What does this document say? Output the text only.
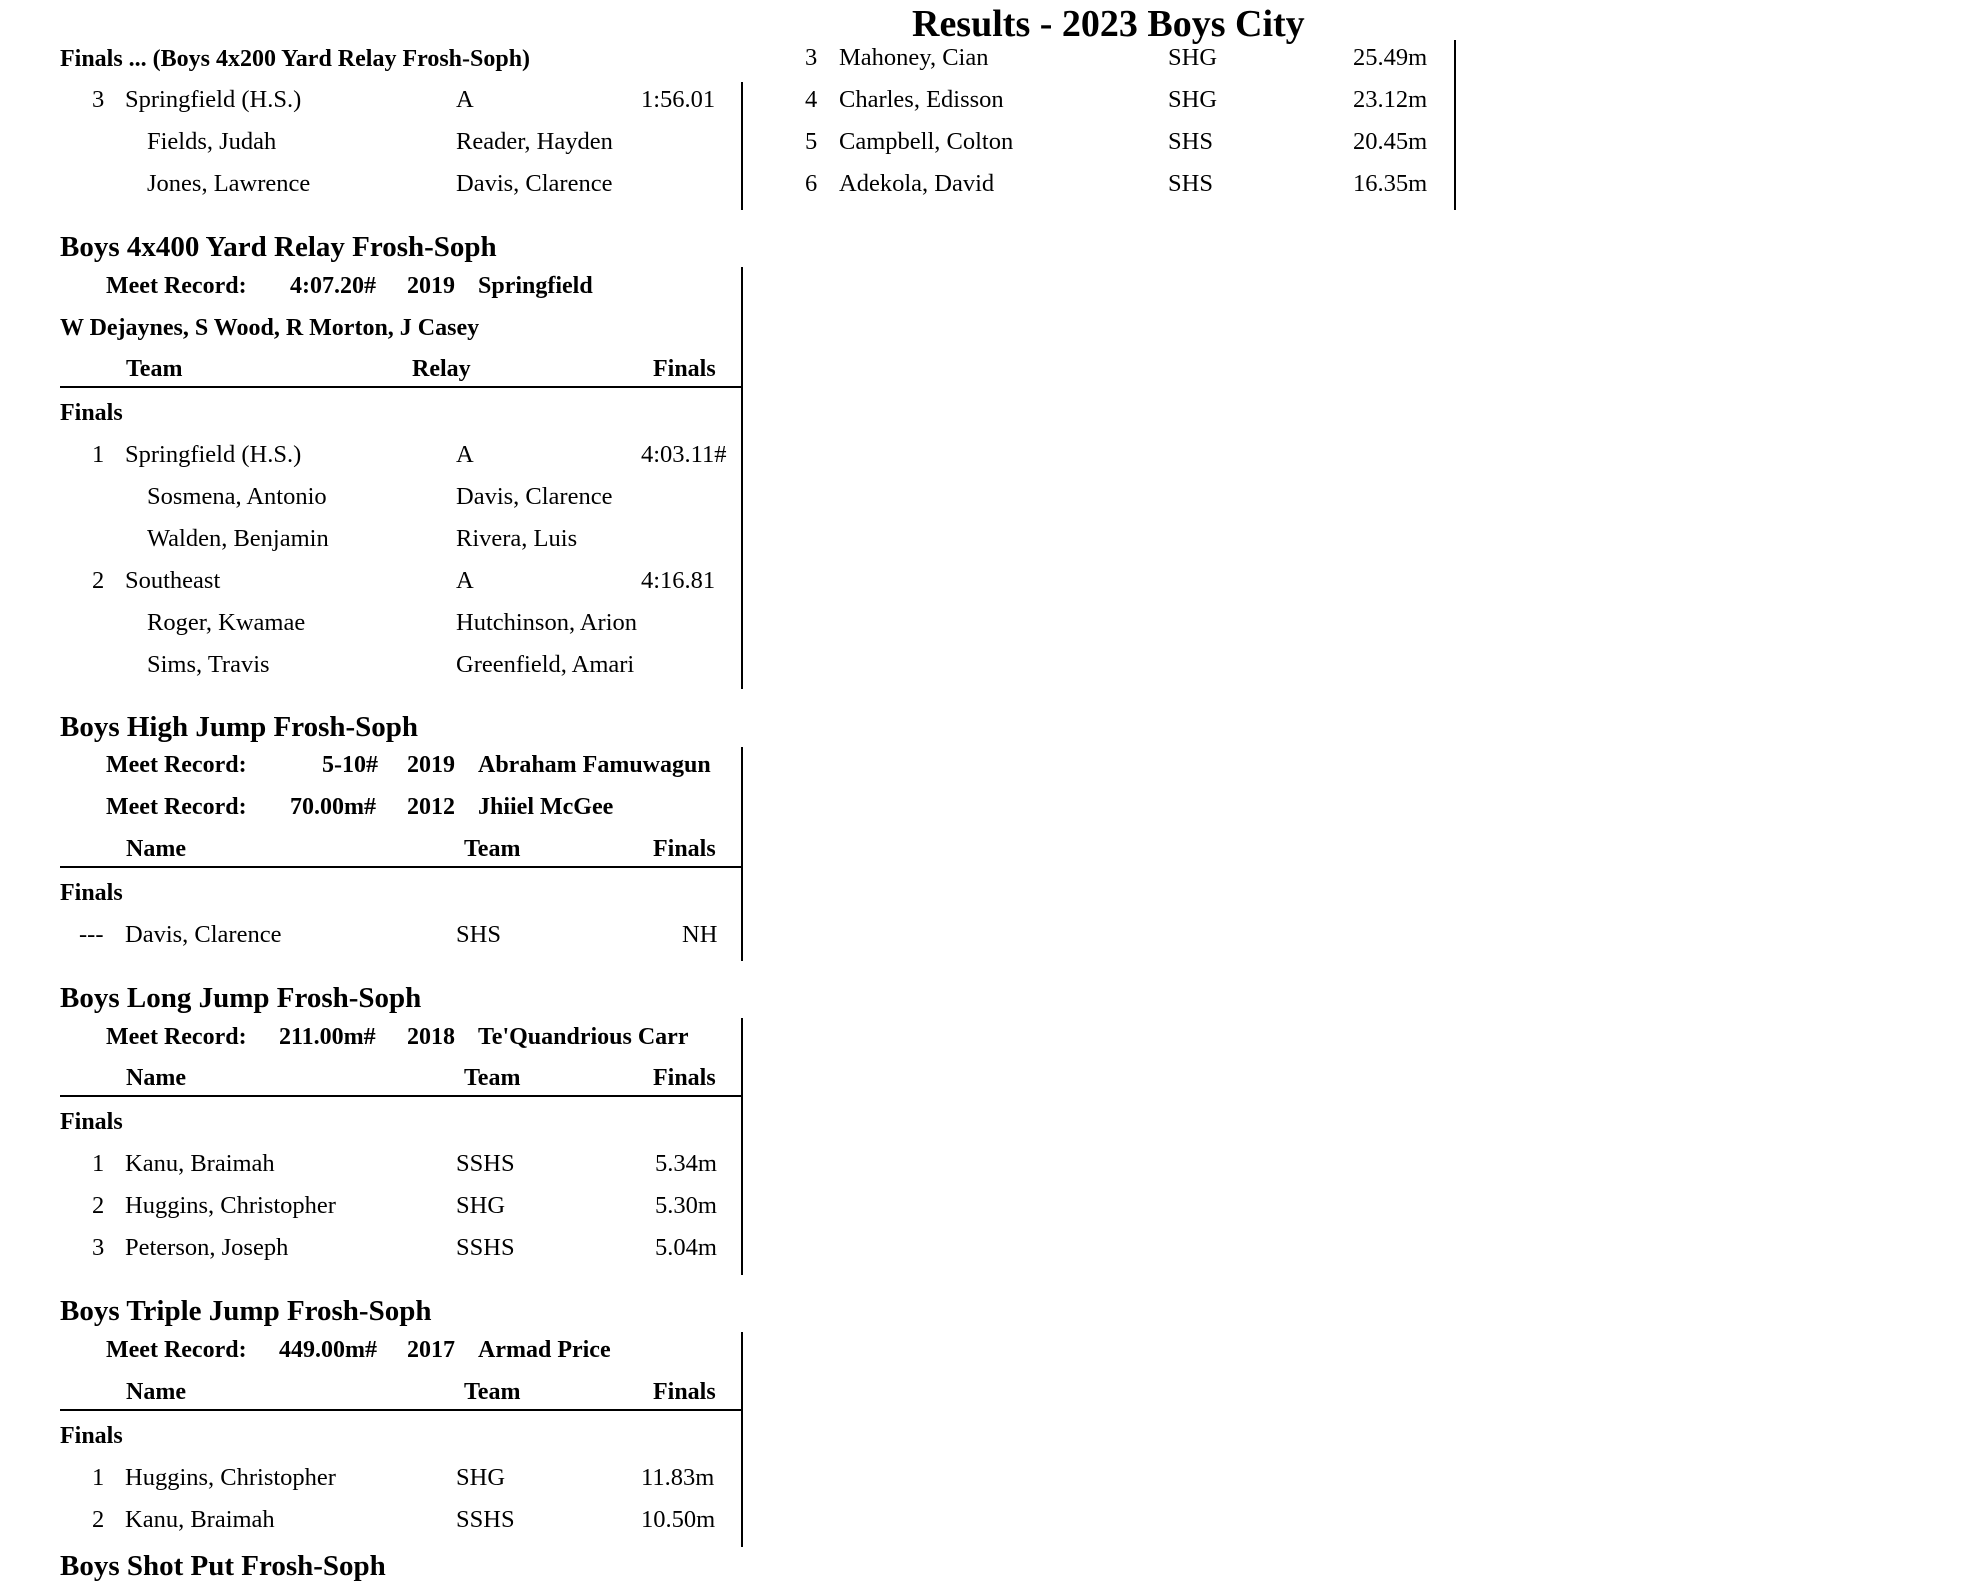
Results - 2023 Boys City
Finals ... (Boys 4x200 Yard Relay Frosh-Soph)
3 Springfield (H.S.)	A	1:56.01
Fields, Judah	Reader, Hayden
Jones, Lawrence	Davis, Clarence
3 Mahoney, Cian	SHG	25.49m
4 Charles, Edisson	SHG	23.12m
5 Campbell, Colton	SHS	20.45m
6 Adekola, David	SHS	16.35m
Boys 4x400 Yard Relay Frosh-Soph
Meet Record: 4:07.20# 2019 Springfield
W Dejaynes, S Wood, R Morton, J Casey
Team	Relay	Finals
Finals
1 Springfield (H.S.)	A	4:03.11#
Sosmena, Antonio	Davis, Clarence
Walden, Benjamin	Rivera, Luis
2 Southeast	A	4:16.81
Roger, Kwamae	Hutchinson, Arion
Sims, Travis	Greenfield, Amari
Boys High Jump Frosh-Soph
Meet Record:	5-10# 2019 Abraham Famuwagun
Meet Record: 70.00m# 2012 Jhiiel McGee
Name	Team	Finals
Finals
--- Davis, Clarence	SHS	NH
Boys Long Jump Frosh-Soph
Meet Record: 211.00m# 2018 Te'Quandrious Carr
Name	Team	Finals
Finals
1 Kanu, Braimah	SSHS	5.34m
2 Huggins, Christopher	SHG	5.30m
3 Peterson, Joseph	SSHS	5.04m
Boys Triple Jump Frosh-Soph
Meet Record: 449.00m# 2017 Armad Price
Name	Team	Finals
Finals
1 Huggins, Christopher	SHG	11.83m
2 Kanu, Braimah	SSHS	10.50m
Boys Shot Put Frosh-Soph
